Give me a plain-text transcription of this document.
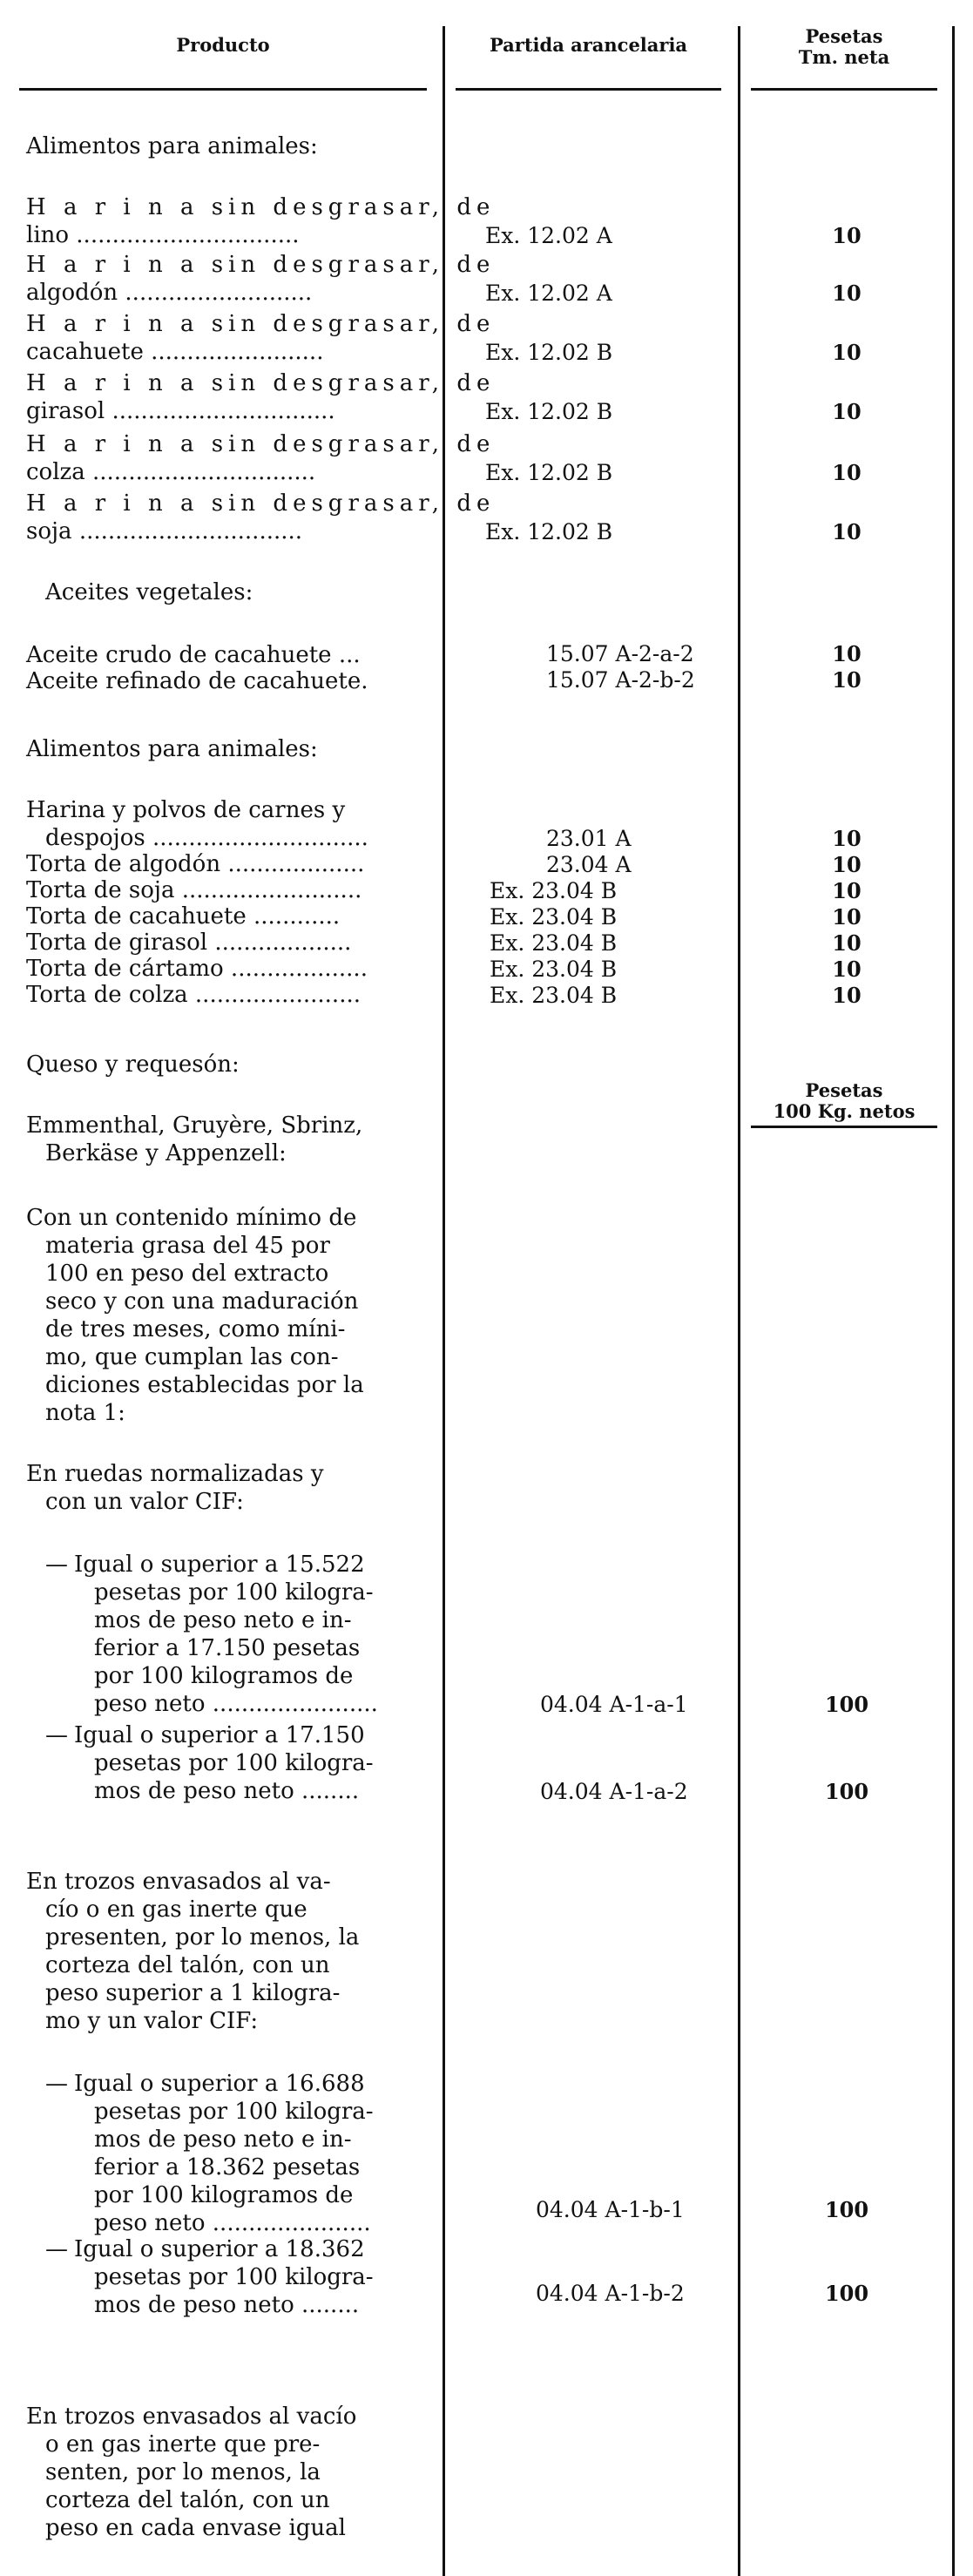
Producto	Partida arancelaria	Pesetas
Tm. neta
Alimentos para animales:
H a r i n a sin desgrasar, de
lino ...............................	Ex. 12.02 A	10
H a r i n a sin desgrasar, de
algodón ..........................	Ex. 12.02 A	10
H a r i n a sin desgrasar, de
cacahuete ........................	Ex. 12.02 B	10
H a r i n a sin desgrasar, de
girasol ...............................	Ex. 12.02 B	10
H a r i n a sin desgrasar, de
colza ...............................	Ex. 12.02 B	10
H a r i n a sin desgrasar, de
soja ...............................	Ex. 12.02 B	10
Aceites vegetales:
Aceite crudo de cacahuete ...	15.07 A-2-a-2	10
Aceite refinado de cacahuete.	15.07 A-2-b-2	10
Alimentos para animales:
Harina y polvos de carnes y
despojos ..............................	23.01 A	10
Torta de algodón ...................	23.04 A	10
Torta de soja .........................	Ex. 23.04 B	10
Torta de cacahuete ............	Ex. 23.04 B	10
Torta de girasol ...................	Ex. 23.04 B	10
Torta de cártamo ...................	Ex. 23.04 B	10
Torta de colza .......................	Ex. 23.04 B	10
Queso y requesón:
Pesetas
100 Kg. netos
Emmenthal, Gruyère, Sbrinz,
Berkäse y Appenzell:
Con un contenido mínimo de
materia grasa del 45 por
100 en peso del extracto
seco y con una maduración
de tres meses, como míni-
mo, que cumplan las con-
diciones establecidas por la
nota 1:
En ruedas normalizadas y
con un valor CIF:
— Igual o superior a 15.522
pesetas por 100 kilogra-
mos de peso neto e in-
ferior a 17.150 pesetas
por 100 kilogramos de
peso neto .......................	04.04 A-1-a-1	100
— Igual o superior a 17.150
pesetas por 100 kilogra-
mos de peso neto ........	04.04 A-1-a-2	100
En trozos envasados al va-
cío o en gas inerte que
presenten, por lo menos, la
corteza del talón, con un
peso superior a 1 kilogra-
mo y un valor CIF:
— Igual o superior a 16.688
pesetas por 100 kilogra-
mos de peso neto e in-
ferior a 18.362 pesetas
por 100 kilogramos de
peso neto ......................
04.04 A-1-b-1	100
— Igual o superior a 18.362
pesetas por 100 kilogra-
mos de peso neto ........	04.04 A-1-b-2	100
En trozos envasados al vacío
o en gas inerte que pre-
senten, por lo menos, la
corteza del talón, con un
peso en cada envase igual
